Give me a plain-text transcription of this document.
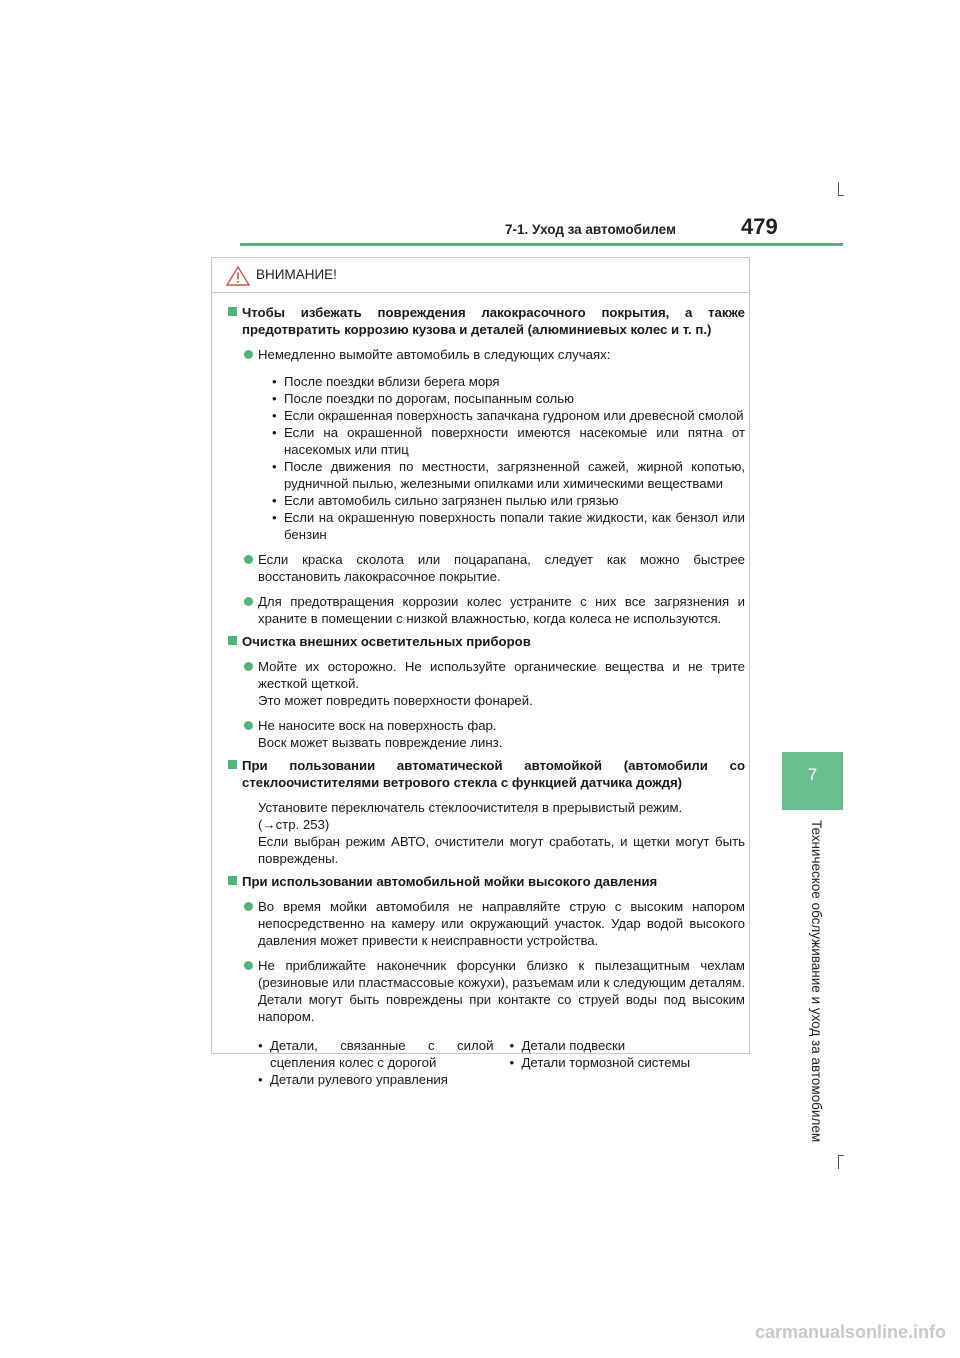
7-1. Уход за автомобилем	479
7
Техническое обслуживание и уход за автомобилем
ВНИМАНИЕ!
Чтобы избежать повреждения лакокрасочного покрытия, а также предотвратить коррозию кузова и деталей (алюминиевых колес и т. п.)
Немедленно вымойте автомобиль в следующих случаях:
• После поездки вблизи берега моря
• После поездки по дорогам, посыпанным солью
• Если окрашенная поверхность запачкана гудроном или древесной смолой
• Если на окрашенной поверхности имеются насекомые или пятна от насекомых или птиц
• После движения по местности, загрязненной сажей, жирной копотью, рудничной пылью, железными опилками или химическими веществами
• Если автомобиль сильно загрязнен пылью или грязью
• Если на окрашенную поверхность попали такие жидкости, как бензол или бензин
Если краска сколота или поцарапана, следует как можно быстрее восстановить лакокрасочное покрытие.
Для предотвращения коррозии колес устраните с них все загрязнения и храните в помещении с низкой влажностью, когда колеса не используются.
Очистка внешних осветительных приборов
Мойте их осторожно. Не используйте органические вещества и не трите жесткой щеткой.
Это может повредить поверхности фонарей.
Не наносите воск на поверхность фар.
Воск может вызвать повреждение линз.
При пользовании автоматической автомойкой (автомобили со стеклоочистителями ветрового стекла с функцией датчика дождя)
Установите переключатель стеклоочистителя в прерывистый режим.
(→стр. 253)
Если выбран режим АВТО, очистители могут сработать, и щетки могут быть повреждены.
При использовании автомобильной мойки высокого давления
Во время мойки автомобиля не направляйте струю с высоким напором непосредственно на камеру или окружающий участок. Удар водой высокого давления может привести к неисправности устройства.
Не приближайте наконечник форсунки близко к пылезащитным чехлам (резиновые или пластмассовые кожухи), разъемам или к следующим деталям. Детали могут быть повреждены при контакте со струей воды под высоким напором.
• Детали, связанные с силой сцепления колес с дорогой
• Детали рулевого управления
• Детали подвески
• Детали тормозной системы
carmanualsonline.info
